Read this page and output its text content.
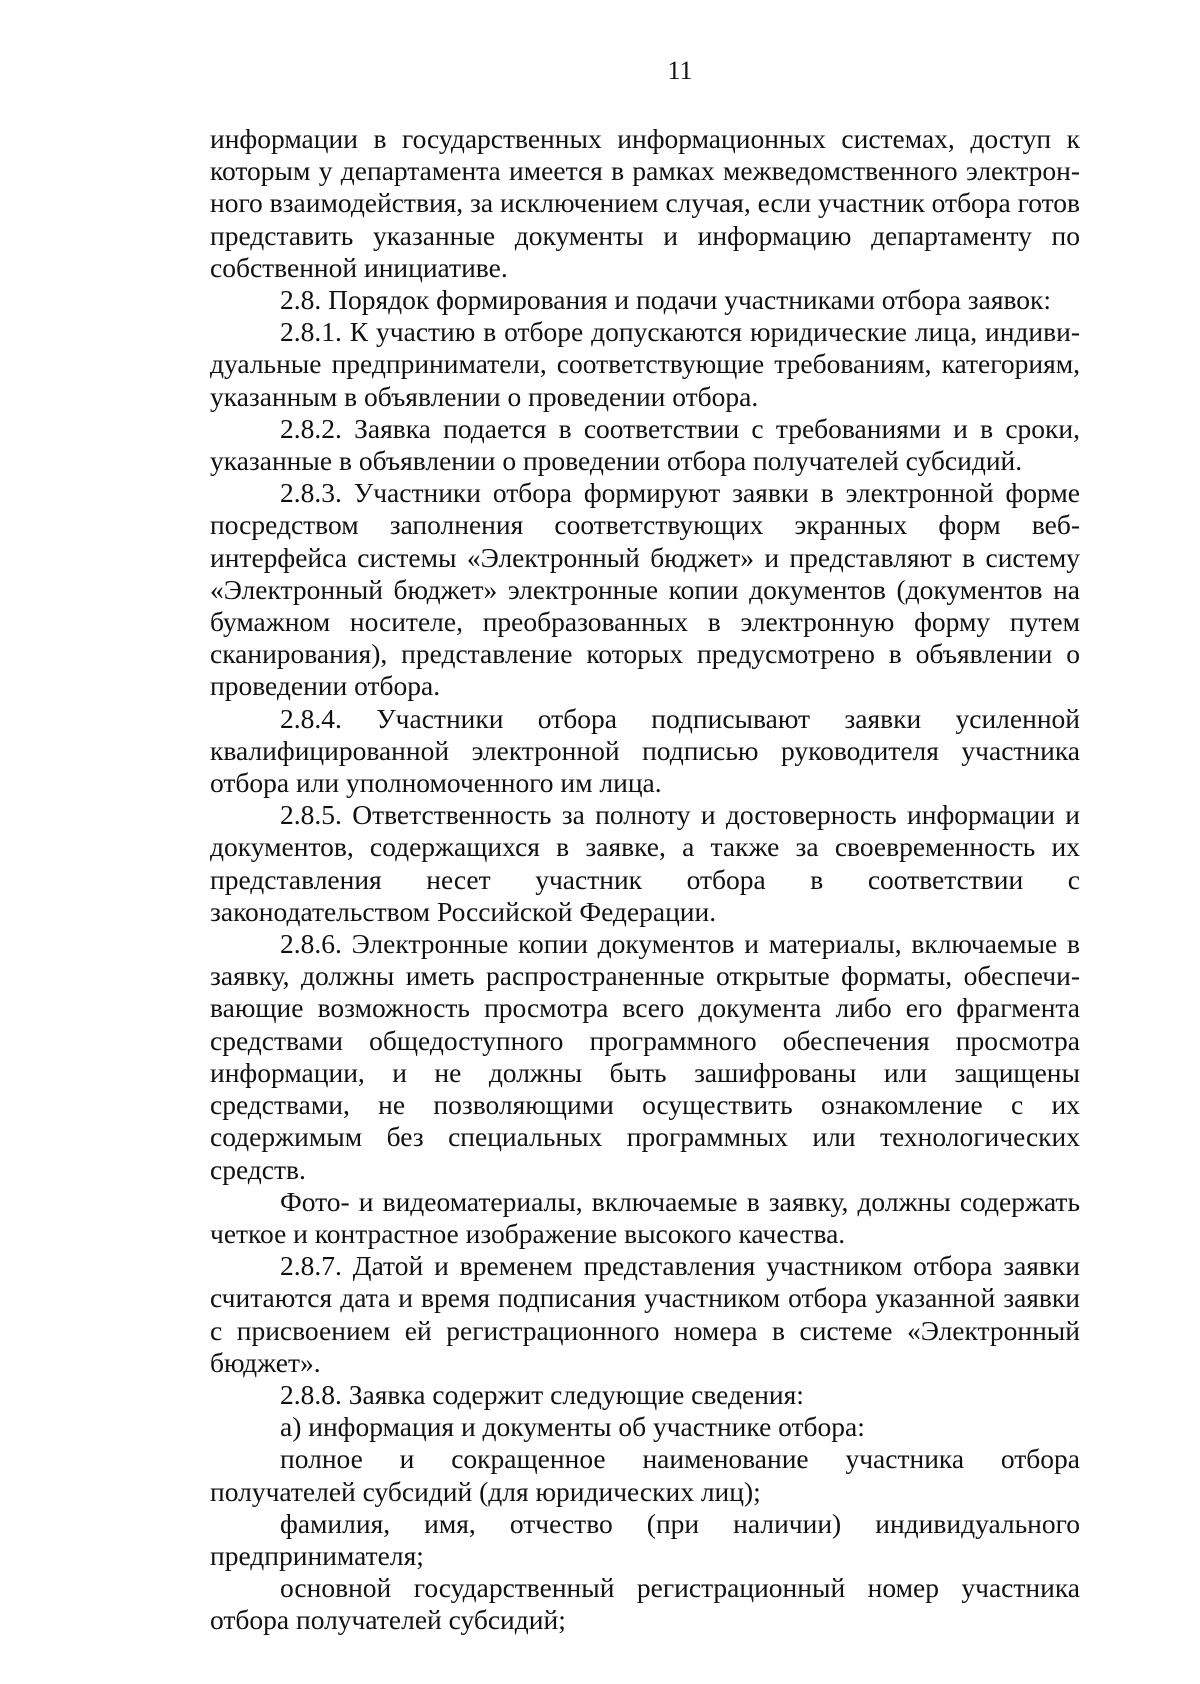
11

информации в государственных информационных системах, доступ к которым у департамента имеется в рамках межведомственного электронного взаимодействия, за исключением случая, если участник отбора готов представить указанные документы и информацию департаменту по собственной инициативе.

2.8. Порядок формирования и подачи участниками отбора заявок:

2.8.1. К участию в отборе допускаются юридические лица, индивидуальные предприниматели, соответствующие требованиям, категориям, указанным в объявлении о проведении отбора.

2.8.2. Заявка подается в соответствии с требованиями и в сроки, указанные в объявлении о проведении отбора получателей субсидий.

2.8.3. Участники отбора формируют заявки в электронной форме посредством заполнения соответствующих экранных форм веб-интерфейса системы «Электронный бюджет» и представляют в систему «Электронный бюджет» электронные копии документов (документов на бумажном носителе, преобразованных в электронную форму путем сканирования), представление которых предусмотрено в объявлении о проведении отбора.

2.8.4. Участники отбора подписывают заявки усиленной квалифицированной электронной подписью руководителя участника отбора или уполномоченного им лица.

2.8.5. Ответственность за полноту и достоверность информации и документов, содержащихся в заявке, а также за своевременность их представления несет участник отбора в соответствии с законодательством Российской Федерации.

2.8.6. Электронные копии документов и материалы, включаемые в заявку, должны иметь распространенные открытые форматы, обеспечивающие возможность просмотра всего документа либо его фрагмента средствами общедоступного программного обеспечения просмотра информации, и не должны быть зашифрованы или защищены средствами, не позволяющими осуществить ознакомление с их содержимым без специальных программных или технологических средств.

Фото- и видеоматериалы, включаемые в заявку, должны содержать четкое и контрастное изображение высокого качества.

2.8.7. Датой и временем представления участником отбора заявки считаются дата и время подписания участником отбора указанной заявки с присвоением ей регистрационного номера в системе «Электронный бюджет».

2.8.8. Заявка содержит следующие сведения:

а) информация и документы об участнике отбора:

полное и сокращенное наименование участника отбора получателей субсидий (для юридических лиц);

фамилия, имя, отчество (при наличии) индивидуального предпринимателя;

основной государственный регистрационный номер участника отбора получателей субсидий;
